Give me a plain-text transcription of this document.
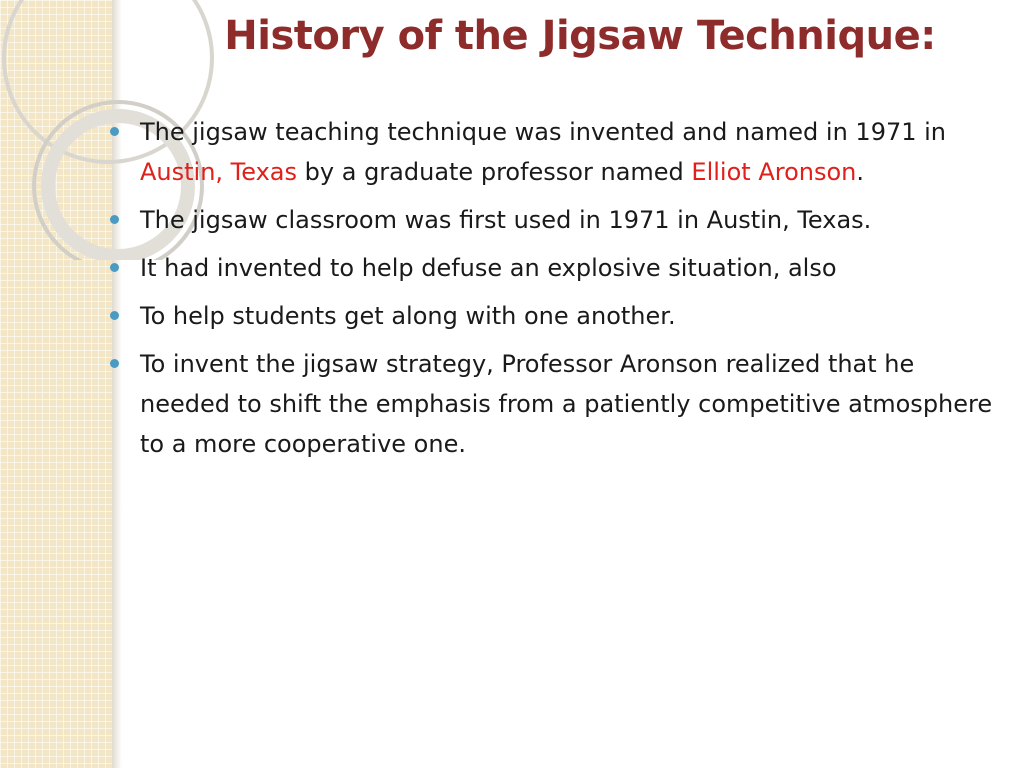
History of the Jigsaw Technique:
The jigsaw teaching technique was invented and named in 1971 in Austin, Texas by a graduate professor named Elliot Aronson.
The jigsaw classroom was first used in 1971 in Austin, Texas.
It had invented to help defuse an explosive situation, also
To help students get along with one another.
To invent the jigsaw strategy, Professor Aronson realized that he needed to shift the emphasis from a patiently competitive atmosphere to a more cooperative one.
